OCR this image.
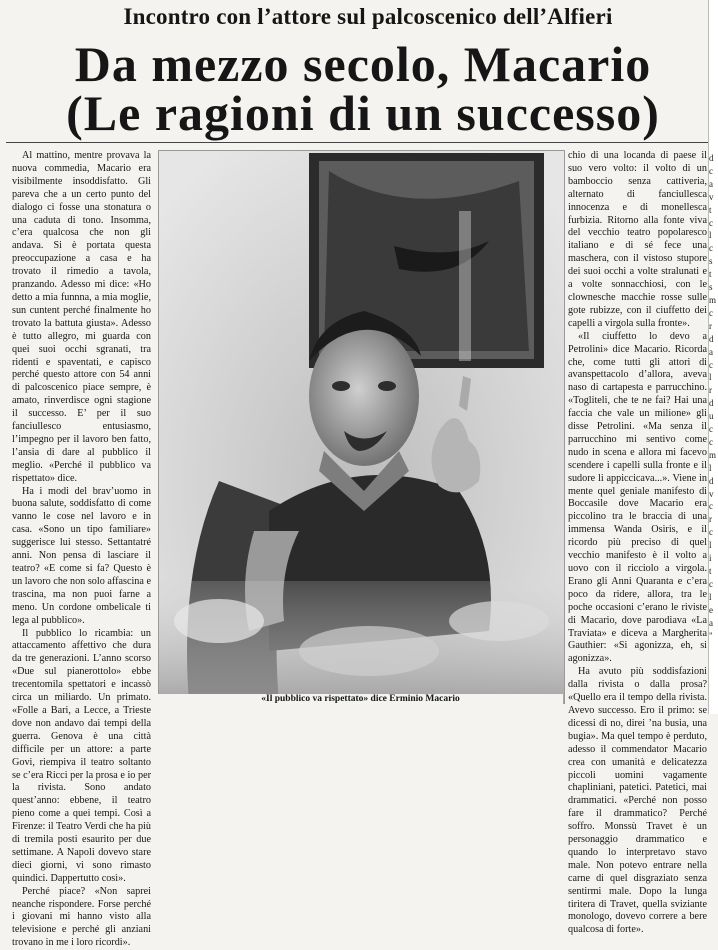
Incontro con l’attore sul palcoscenico dell’Alfieri
Da mezzo secolo, Macario
(Le ragioni di un successo)

Al mattino, mentre provava la nuova commedia, Macario era visibilmente insoddisfatto. Gli pareva che a un certo punto del dialogo ci fosse una stonatura o una caduta di tono. Insomma, c’era qualcosa che non gli andava. Si è portata questa preoccupazione a casa e ha trovato il rimedio a tavola, pranzando. Adesso mi dice: «Ho detto a mia funnna, a mia moglie, sun cuntent perché finalmente ho trovato la battuta giusta». Adesso è tutto allegro, mi guarda con quei suoi occhi sgranati, tra ridenti e spaventati, e capisco perché questo attore con 54 anni di palcoscenico piace sempre, è amato, rinverdisce ogni stagione il successo. E’ per il suo fanciullesco entusiasmo, l’impegno per il lavoro ben fatto, l’ansia di dare al pubblico il meglio. «Perché il pubblico va rispettato» dice.

Ha i modi del brav’uomo in buona salute, soddisfatto di come vanno le cose nel lavoro e in casa. «Sono un tipo familiare» suggerisce lui stesso. Settantatré anni. Non pensa di lasciare il teatro? «E come si fa? Questo è un lavoro che non solo affascina e trascina, ma non puoi farne a meno. Un cordone ombelicale ti lega al pubblico».

Il pubblico lo ricambia: un attaccamento affettivo che dura da tre generazioni. L’anno scorso «Due sul pianerottolo» ebbe trecentomila spettatori e incassò circa un miliardo. Un primato. «Folle a Bari, a Lecce, a Trieste dove non andavo dai tempi della guerra. Genova è una città difficile per un attore: a parte Govi, riempiva il teatro soltanto se c’era Ricci per la prosa e io per la rivista. Sono andato quest’anno: ebbene, il teatro pieno come a quei tempi. Così a Firenze: il Teatro Verdi che ha più di tremila posti esaurito per due settimane. A Napoli dovevo stare dieci giorni, vi sono rimasto quindici. Dappertutto così».

Perché piace? «Non saprei neanche rispondere. Forse perché i giovani mi hanno visto alla televisione e perché gli anziani trovano in me i loro ricordi».

«Il pubblico va rispettato» dice Erminio Macario

chio di una locanda di paese il suo vero volto: il volto di un bamboccio senza cattiveria, alternato di fanciullesca innocenza e di monellesca furbizia. Ritorno alla fonte viva del vecchio teatro popolaresco italiano e di sé fece una maschera, con il vistoso stupore dei suoi occhi a volte stralunati e a volte sonnacchiosi, con le clownesche macchie rosse sulle gote rubizze, con il ciuffetto dei capelli a virgola sulla fronte».

«Il ciuffetto lo devo a Petrolini» dice Macario. Ricorda che, come tutti gli attori di avanspettacolo d’allora, aveva naso di cartapesta e parrucchino. «Togliteli, che te ne fai? Hai una faccia che vale un milione» gli disse Petrolini. «Ma senza il parrucchino mi sentivo come nudo in scena e allora mi facevo scendere i capelli sulla fronte e il sudore li appiccicava...». Viene in mente quel geniale manifesto di Boccasile dove Macario era piccolino tra le braccia di una immensa Wanda Osiris, e il ricordo più preciso di quel vecchio manifesto è il volto a uovo con il ricciolo a virgola. Erano gli Anni Quaranta e c’era poco da ridere, allora, tra le poche occasioni c’erano le riviste di Macario, dove parodiava «La Traviata» e diceva a Margherita Gauthier: «Si agonizza, eh, si agonizza».

Ha avuto più soddisfazioni dalla rivista o dalla prosa? «Quello era il tempo della rivista. Avevo successo. Ero il primo: se dicessi di no, direi ’na busia, una bugia». Ma quel tempo è perduto, adesso il commendator Macario crea con umanità e delicatezza piccoli uomini vagamente chapliniani, patetici. Patetici, mai drammatici. «Perché non posso fare il drammatico? Perché soffro. Monssù Travet è un personaggio drammatico e quando lo interpretavo stavo male. Non potevo entrare nella carne di quel disgraziato senza sentirmi male. Dopo la lunga tiritera di Travet, quella sviziante monologo, dovevo correre a bere qualcosa di forte».

d
c
a
v
t
c
l
c
s
t
s
m
c
r
d
a
c
l
r
d
u
c
c
m
l
d
v
c
r
c
l
i
t
c
l
e
a
"
